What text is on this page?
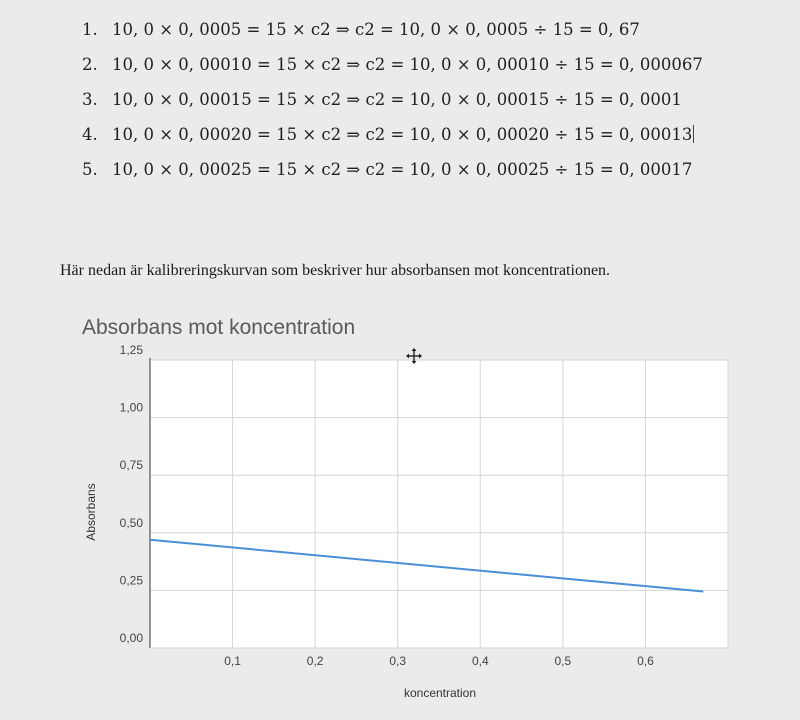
1. 10, 0 × 0, 0005 = 15 × c2 ⇒ c2 = 10, 0 × 0, 0005 ÷ 15 = 0, 67
2. 10, 0 × 0, 00010 = 15 × c2 ⇒ c2 = 10, 0 × 0, 00010 ÷ 15 = 0, 000067
3. 10, 0 × 0, 00015 = 15 × c2 ⇒ c2 = 10, 0 × 0, 00015 ÷ 15 = 0, 0001
4. 10, 0 × 0, 00020 = 15 × c2 ⇒ c2 = 10, 0 × 0, 00020 ÷ 15 = 0, 00013
5. 10, 0 × 0, 00025 = 15 × c2 ⇒ c2 = 10, 0 × 0, 00025 ÷ 15 = 0, 00017
Här nedan är kalibreringskurvan som beskriver hur absorbansen mot koncentrationen.
Absorbans mot koncentration
0,00
0,25
0,50
0,75
1,00
1,25
0,1	0,2	0,3	0,4	0,5	0,6
Absorbans
koncentration
